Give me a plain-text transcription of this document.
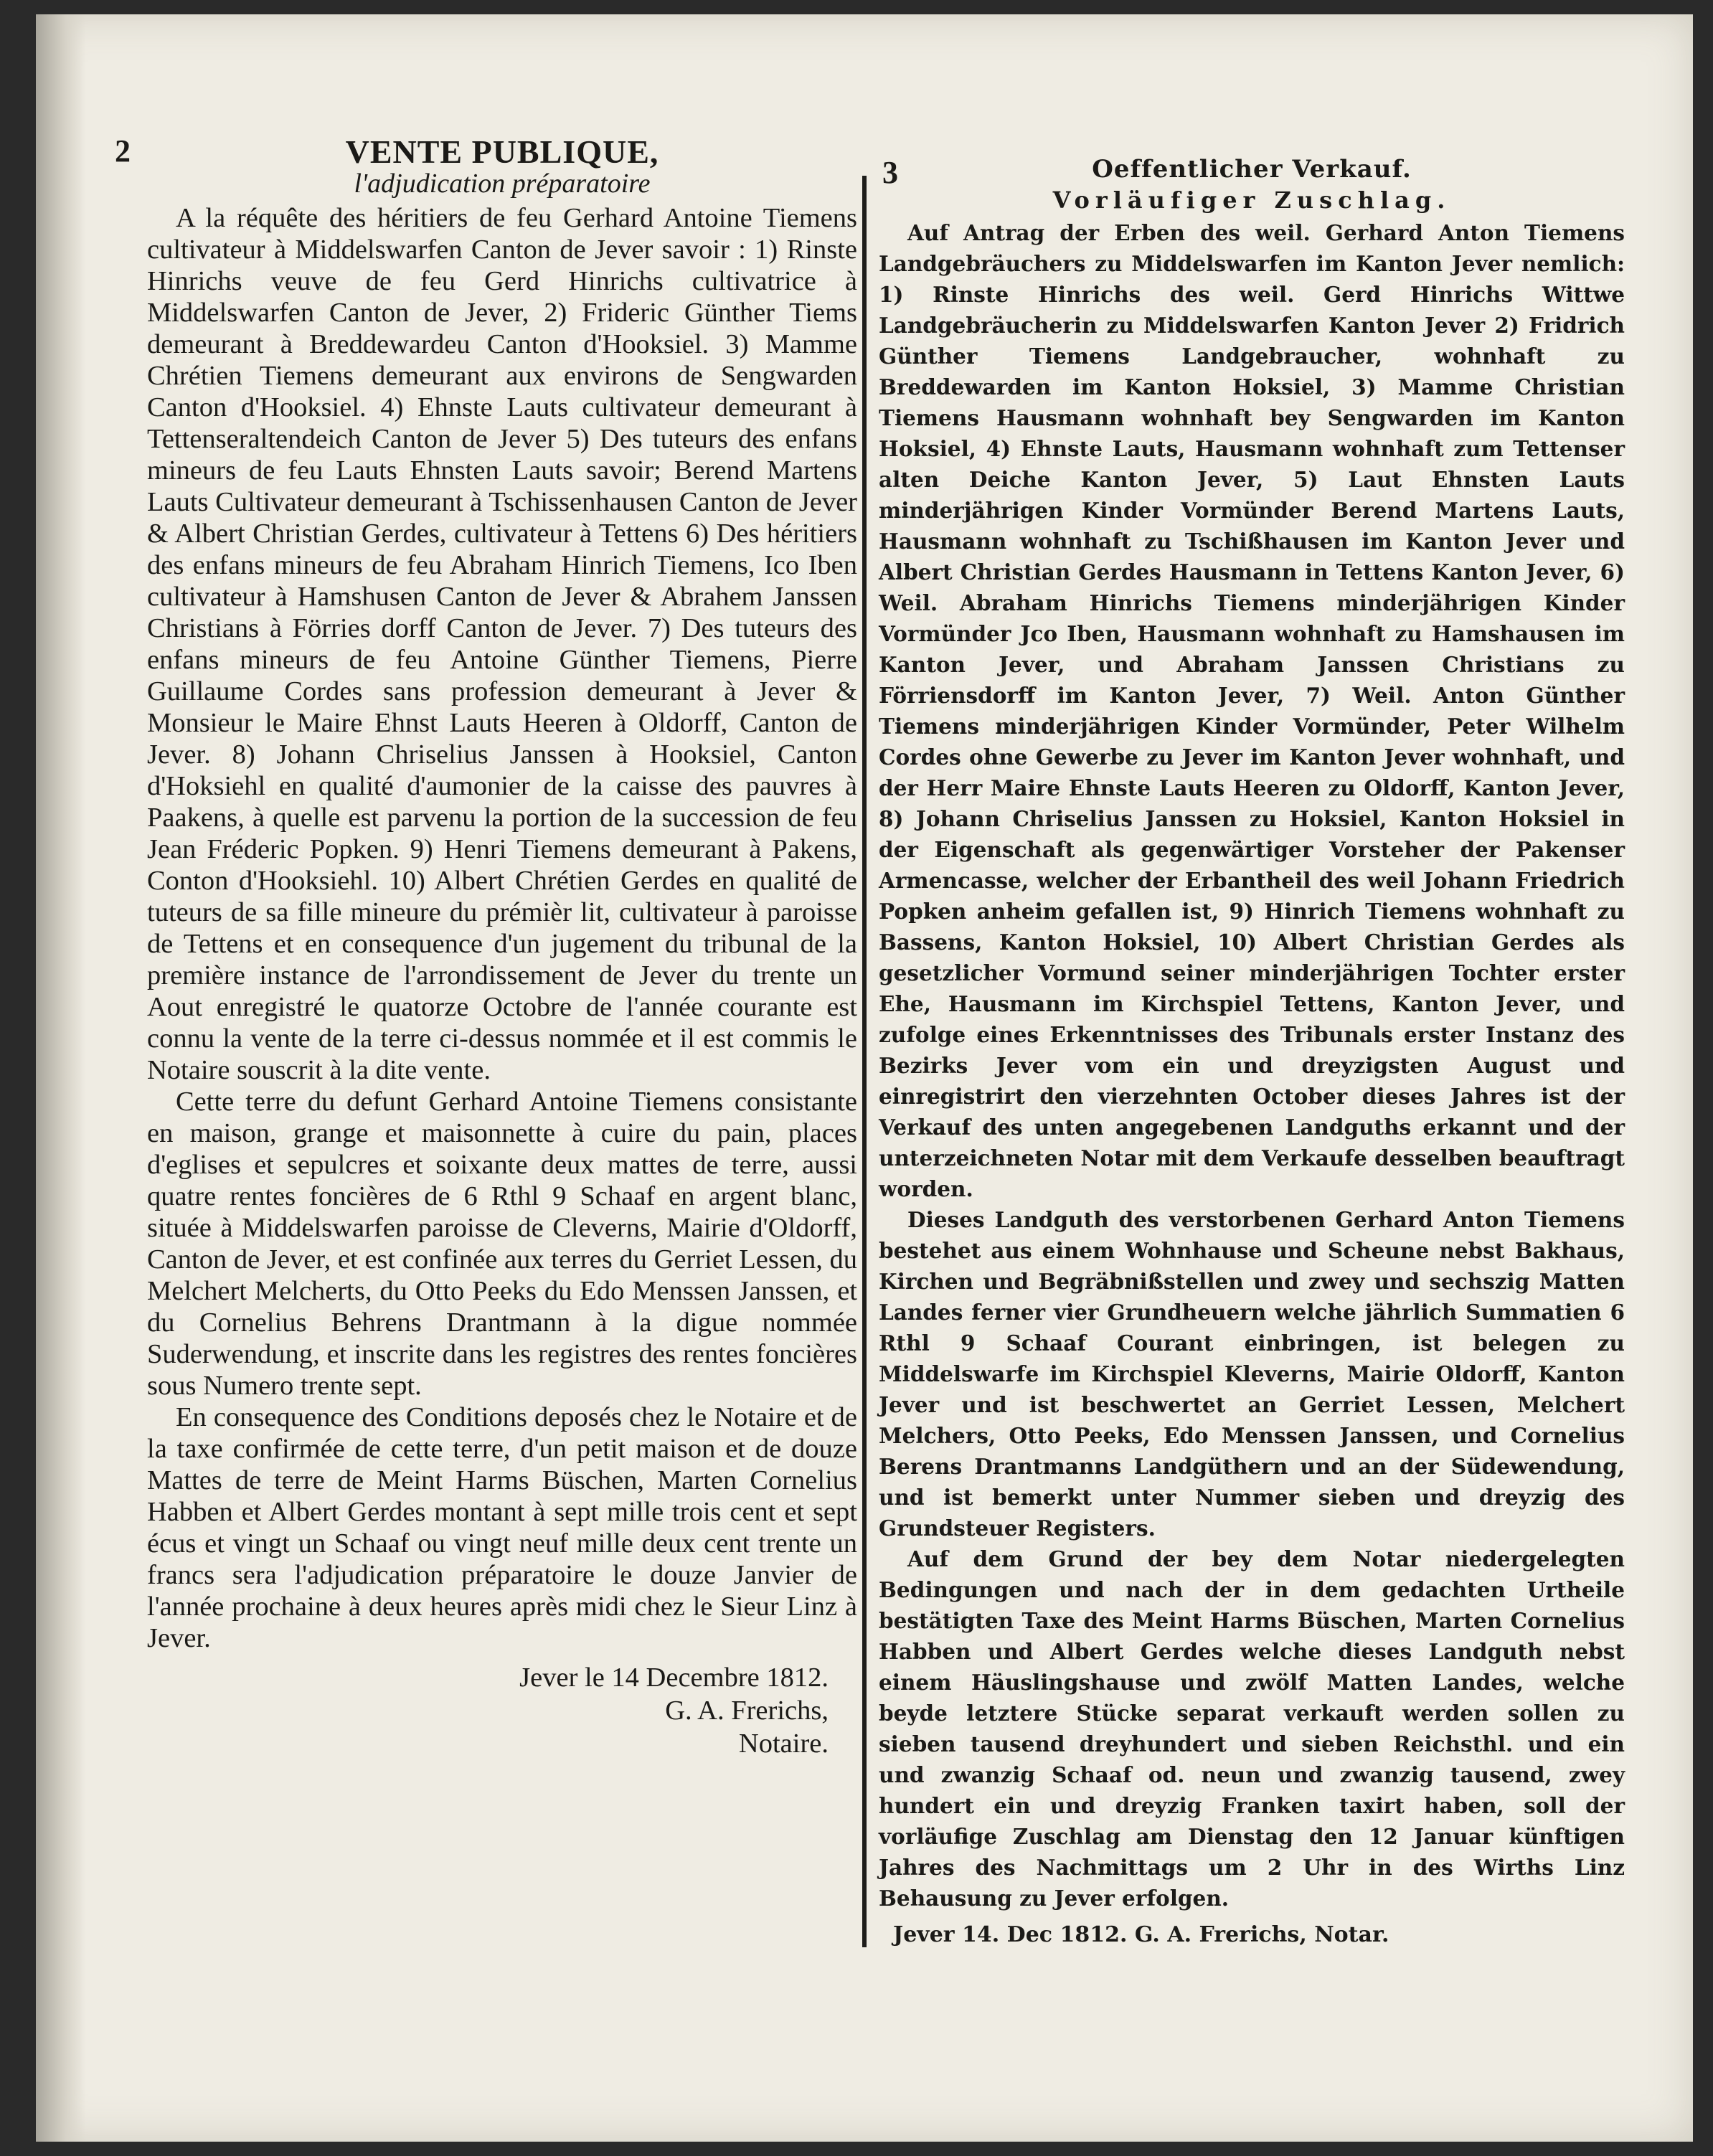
2
3
VENTE PUBLIQUE,
l'adjudication préparatoire

A la réquête des héritiers de feu Gerhard Antoine Tiemens cultivateur à Middelswarfen Canton de Jever savoir : 1) Rinste Hinrichs veuve de feu Gerd Hinrichs cultivatrice à Middelswarfen Canton de Jever, 2) Frideric Günther Tiems demeurant à Breddewardeu Canton d'Hooksiel. 3) Mamme Chrétien Tiemens demeurant aux environs de Sengwarden Canton d'Hooksiel. 4) Ehnste Lauts cultivateur demeurant à Tettenseraltendeich Canton de Jever 5) Des tuteurs des enfans mineurs de feu Lauts Ehnsten Lauts savoir; Berend Martens Lauts Cultivateur demeurant à Tschissenhausen Canton de Jever & Albert Christian Gerdes, cultivateur à Tettens 6) Des héritiers des enfans mineurs de feu Abraham Hinrich Tiemens, Ico Iben cultivateur à Hamshusen Canton de Jever & Abrahem Janssen Christians à Förries dorff Canton de Jever. 7) Des tuteurs des enfans mineurs de feu Antoine Günther Tiemens, Pierre Guillaume Cordes sans profession demeurant à Jever & Monsieur le Maire Ehnst Lauts Heeren à Oldorff, Canton de Jever. 8) Johann Chriselius Janssen à Hooksiel, Canton d'Hoksiehl en qualité d'aumonier de la caisse des pauvres à Paakens, à quelle est parvenu la portion de la succession de feu Jean Fréderic Popken. 9) Henri Tiemens demeurant à Pakens, Conton d'Hooksiehl. 10) Albert Chrétien Gerdes en qualité de tuteurs de sa fille mineure du prémièr lit, cultivateur à paroisse de Tettens et en consequence d'un jugement du tribunal de la première instance de l'arrondissement de Jever du trente un Aout enregistré le quatorze Octobre de l'année courante est connu la vente de la terre ci-dessus nommée et il est commis le Notaire souscrit à la dite vente.

Cette terre du defunt Gerhard Antoine Tiemens consistante en maison, grange et maisonnette à cuire du pain, places d'eglises et sepulcres et soixante deux mattes de terre, aussi quatre rentes foncières de 6 Rthl 9 Schaaf en argent blanc, située à Middelswarfen paroisse de Cleverns, Mairie d'Oldorff, Canton de Jever, et est confinée aux terres du Gerriet Lessen, du Melchert Melcherts, du Otto Peeks du Edo Menssen Janssen, et du Cornelius Behrens Drantmann à la digue nommée Suderwendung, et inscrite dans les registres des rentes foncières sous Numero trente sept.

En consequence des Conditions deposés chez le Notaire et de la taxe confirmée de cette terre, d'un petit maison et de douze Mattes de terre de Meint Harms Büschen, Marten Cornelius Habben et Albert Gerdes montant à sept mille trois cent et sept écus et vingt un Schaaf ou vingt neuf mille deux cent trente un francs sera l'adjudication préparatoire le douze Janvier de l'année prochaine à deux heures après midi chez le Sieur Linz à Jever.

Jever le 14 Decembre 1812.
G. A. Frerichs,
Notaire.
Oeffentlicher Verkauf.
Vorläufiger Zuschlag.

Auf Antrag der Erben des weil. Gerhard Anton Tiemens Landgebräuchers zu Middelswarfen im Kanton Jever nemlich: 1) Rinste Hinrichs des weil. Gerd Hinrichs Wittwe Landgebräucherin zu Middelswarfen Kanton Jever 2) Fridrich Günther Tiemens Landgebraucher, wohnhaft zu Breddewarden im Kanton Hoksiel, 3) Mamme Christian Tiemens Hausmann wohnhaft bey Sengwarden im Kanton Hoksiel, 4) Ehnste Lauts, Hausmann wohnhaft zum Tettenser alten Deiche Kanton Jever, 5) Laut Ehnsten Lauts minderjährigen Kinder Vormünder Berend Martens Lauts, Hausmann wohnhaft zu Tschißhausen im Kanton Jever und Albert Christian Gerdes Hausmann in Tettens Kanton Jever, 6) Weil. Abraham Hinrichs Tiemens minderjährigen Kinder Vormünder Jco Iben, Hausmann wohnhaft zu Hamshausen im Kanton Jever, und Abraham Janssen Christians zu Förriensdorff im Kanton Jever, 7) Weil. Anton Günther Tiemens minderjährigen Kinder Vormünder, Peter Wilhelm Cordes ohne Gewerbe zu Jever im Kanton Jever wohnhaft, und der Herr Maire Ehnste Lauts Heeren zu Oldorff, Kanton Jever, 8) Johann Chriselius Janssen zu Hoksiel, Kanton Hoksiel in der Eigenschaft als gegenwärtiger Vorsteher der Pakenser Armencasse, welcher der Erbantheil des weil Johann Friedrich Popken anheim gefallen ist, 9) Hinrich Tiemens wohnhaft zu Bassens, Kanton Hoksiel, 10) Albert Christian Gerdes als gesetzlicher Vormund seiner minderjährigen Tochter erster Ehe, Hausmann im Kirchspiel Tettens, Kanton Jever, und zufolge eines Erkenntnisses des Tribunals erster Instanz des Bezirks Jever vom ein und dreyzigsten August und einregistrirt den vierzehnten October dieses Jahres ist der Verkauf des unten angegebenen Landguths erkannt und der unterzeichneten Notar mit dem Verkaufe desselben beauftragt worden.

Dieses Landguth des verstorbenen Gerhard Anton Tiemens bestehet aus einem Wohnhause und Scheune nebst Bakhaus, Kirchen und Begräbnißstellen und zwey und sechszig Matten Landes ferner vier Grundheuern welche jährlich Summatien 6 Rthl 9 Schaaf Courant einbringen, ist belegen zu Middelswarfe im Kirchspiel Kleverns, Mairie Oldorff, Kanton Jever und ist beschwertet an Gerriet Lessen, Melchert Melchers, Otto Peeks, Edo Menssen Janssen, und Cornelius Berens Drantmanns Landgüthern und an der Südewendung, und ist bemerkt unter Nummer sieben und dreyzig des Grundsteuer Registers.

Auf dem Grund der bey dem Notar niedergelegten Bedingungen und nach der in dem gedachten Urtheile bestätigten Taxe des Meint Harms Büschen, Marten Cornelius Habben und Albert Gerdes welche dieses Landguth nebst einem Häuslingshause und zwölf Matten Landes, welche beyde letztere Stücke separat verkauft werden sollen zu sieben tausend dreyhundert und sieben Reichsthl. und ein und zwanzig Schaaf od. neun und zwanzig tausend, zwey hundert ein und dreyzig Franken taxirt haben, soll der vorläufige Zuschlag am Dienstag den 12 Januar künftigen Jahres des Nachmittags um 2 Uhr in des Wirths Linz Behausung zu Jever erfolgen.

Jever 14. Dec 1812. G. A. Frerichs, Notar.
